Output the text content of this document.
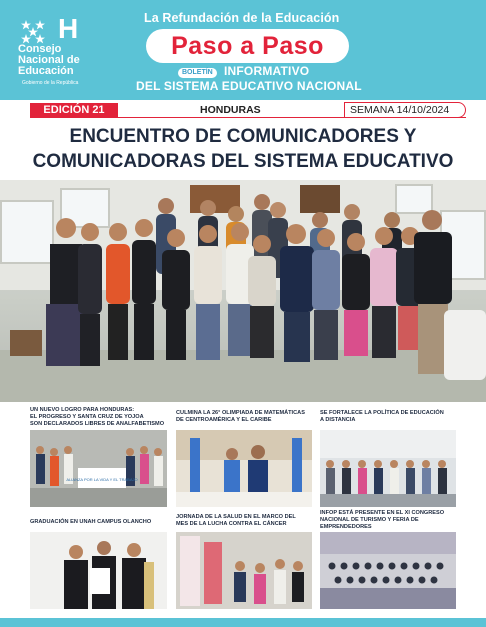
H
Consejo
Nacional de
Educación
Gobierno de la República
La Refundación de la Educación
Paso a Paso
BOLETÍN INFORMATIVO
DEL SISTEMA EDUCATIVO NACIONAL
EDICIÓN 21	HONDURAS	SEMANA 14/10/2024
ENCUENTRO DE COMUNICADORES Y
COMUNICADORAS DEL SISTEMA EDUCATIVO
UN NUEVO LOGRO PARA HONDURAS:
EL PROGRESO Y SANTA CRUZ DE YOJOA
SON DECLARADOS LIBRES DE ANALFABETISMO
ALIANZA POR LA VIDA Y EL TRABAJO
CULMINA LA 26° OLIMPIADA DE MATEMÁTICAS
DE CENTROAMÉRICA Y EL CARIBE
SE FORTALECE LA POLÍTICA DE EDUCACIÓN
A DISTANCIA
GRADUACIÓN EN UNAH CAMPUS OLANCHO
JORNADA DE LA SALUD EN EL MARCO DEL
MES DE LA LUCHA CONTRA EL CÁNCER
INFOP ESTÁ PRESENTE EN EL XI CONGRESO
NACIONAL DE TURISMO Y FERIA DE
EMPRENDEDORES
